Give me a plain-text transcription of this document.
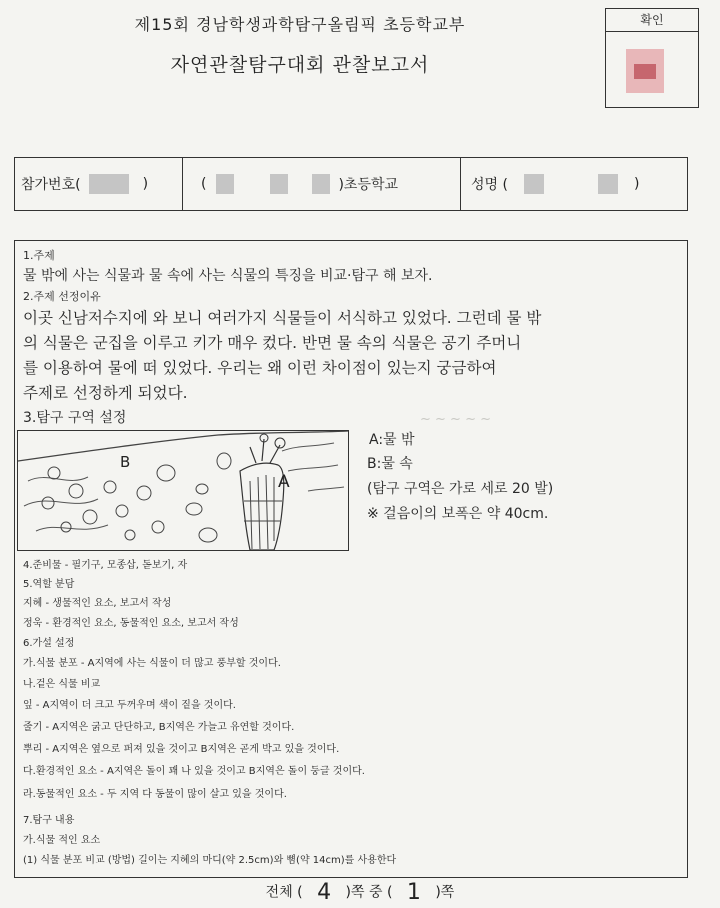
~ ~ ~ ~ ~
제15회 경남학생과학탐구올림픽 초등학교부
자연관찰탐구대회 관찰보고서
확인
참가번호(	)	(	)초등학교	성명 (	)
1.주제
물 밖에 사는 식물과 물 속에 사는 식물의 특징을 비교·탐구 해 보자.
2.주제 선정이유
이곳 신남저수지에 와 보니 여러가지 식물들이 서식하고 있었다. 그런데 물 밖
의 식물은 군집을 이루고 키가 매우 컸다. 반면 물 속의 식물은 공기 주머니
를 이용하여 물에 떠 있었다. 우리는 왜 이런 차이점이 있는지 궁금하여
주제로 선정하게 되었다.
3.탐구 구역 설정
B
A
A:물 밖
B:물 속
(탐구 구역은 가로 세로 20 발)
※ 걸음이의 보폭은 약 40cm.
4.준비물 - 필기구, 모종삽, 돋보기, 자
5.역할 분담
지혜 - 생물적인 요소, 보고서 작성
정욱 - 환경적인 요소, 동물적인 요소, 보고서 작성
6.가설 설정
가.식물 분포 - A지역에 사는 식물이 더 많고 풍부할 것이다.
나.겉은 식물 비교
잎 - A지역이 더 크고 두꺼우며 색이 짙을 것이다.
줄기 - A지역은 굵고 단단하고, B지역은 가늘고 유연할 것이다.
뿌리 - A지역은 옆으로 퍼져 있을 것이고 B지역은 곧게 박고 있을 것이다.
다.환경적인 요소 - A지역은 돌이 꽤 나 있을 것이고 B지역은 돌이 둥글 것이다.
라.동물적인 요소 - 두 지역 다 동물이 많이 살고 있을 것이다.
7.탐구 내용
가.식물 적인 요소
(1) 식물 분포 비교 (방법) 길이는 지혜의 마디(약 2.5cm)와 뼘(약 14cm)를 사용한다
전체 ( 4 )쪽 중 ( 1 )쪽
